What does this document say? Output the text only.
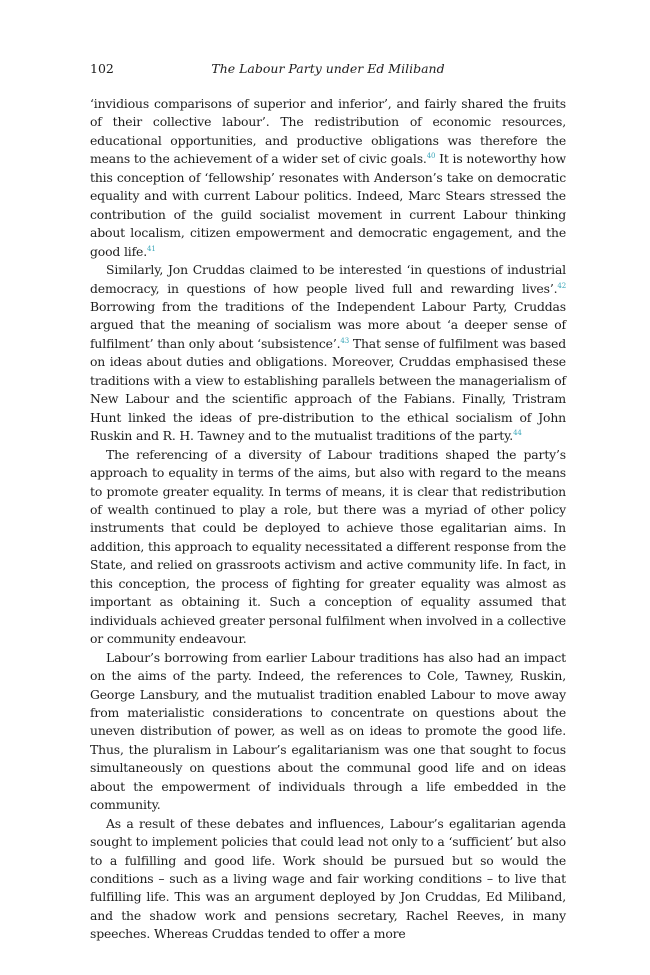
102	The Labour Party under Ed Miliband

‘invidious comparisons of superior and inferior’, and fairly shared the fruits of their collective labour’. The redistribution of economic resources, educational opportunities, and productive obligations was therefore the means to the achievement of a wider set of civic goals.$^{40}$ It is noteworthy how this conception of ‘fellowship’ resonates with Anderson’s take on democratic equality and with current Labour politics. Indeed, Marc Stears stressed the contribution of the guild socialist movement in current Labour thinking about localism, citizen empowerment and democratic engagement, and the good life.$^{41}$

Similarly, Jon Cruddas claimed to be interested ‘in questions of industrial democracy, in questions of how people lived full and rewarding lives’.$^{42}$ Borrowing from the traditions of the Independent Labour Party, Cruddas argued that the meaning of socialism was more about ‘a deeper sense of fulfilment’ than only about ‘subsistence’.$^{43}$ That sense of fulfilment was based on ideas about duties and obligations. Moreover, Cruddas emphasised these traditions with a view to establishing parallels between the managerialism of New Labour and the scientific approach of the Fabians. Finally, Tristram Hunt linked the ideas of pre-distribution to the ethical socialism of John Ruskin and R. H. Tawney and to the mutualist traditions of the party.$^{44}$

The referencing of a diversity of Labour traditions shaped the party’s approach to equality in terms of the aims, but also with regard to the means to promote greater equality. In terms of means, it is clear that redistribution of wealth continued to play a role, but there was a myriad of other policy instruments that could be deployed to achieve those egalitarian aims. In addition, this approach to equality necessitated a different response from the State, and relied on grassroots activism and active community life. In fact, in this conception, the process of fighting for greater equality was almost as important as obtaining it. Such a conception of equality assumed that individuals achieved greater personal fulfilment when involved in a collective or community endeavour.

Labour’s borrowing from earlier Labour traditions has also had an impact on the aims of the party. Indeed, the references to Cole, Tawney, Ruskin, George Lansbury, and the mutualist tradition enabled Labour to move away from materialistic considerations to concentrate on questions about the uneven distribution of power, as well as on ideas to promote the good life. Thus, the pluralism in Labour’s egalitarianism was one that sought to focus simultaneously on questions about the communal good life and on ideas about the empowerment of individuals through a life embedded in the community.

As a result of these debates and influences, Labour’s egalitarian agenda sought to implement policies that could lead not only to a ‘sufficient’ but also to a fulfilling and good life. Work should be pursued but so would the conditions – such as a living wage and fair working conditions – to live that fulfilling life. This was an argument deployed by Jon Cruddas, Ed Miliband, and the shadow work and pensions secretary, Rachel Reeves, in many speeches. Whereas Cruddas tended to offer a more
